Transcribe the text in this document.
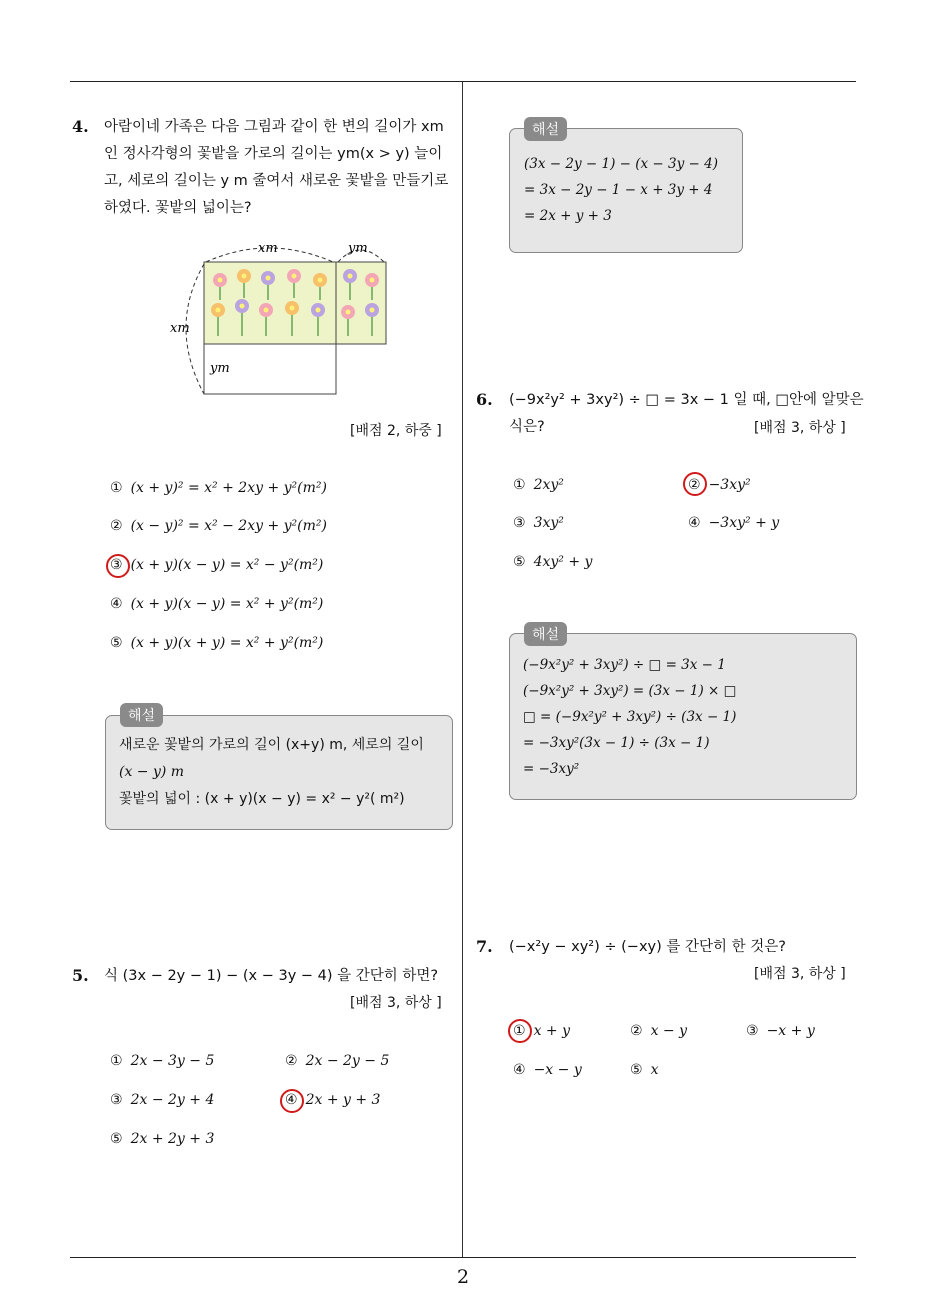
2
4. 아람이네 가족은 다음 그림과 같이 한 변의 길이가 xm
인 정사각형의 꽃밭을 가로의 길이는 ym(x > y) 늘이
고, 세로의 길이는 y m 줄여서 새로운 꽃밭을 만들기로
하였다. 꽃밭의 넓이는?
xm	ym
xm
ym
[배점 2, 하중 ]
① (x + y)² = x² + 2xy + y²(m²)
② (x − y)² = x² − 2xy + y²(m²)
③ (x + y)(x − y) = x² − y²(m²)
④ (x + y)(x − y) = x² + y²(m²)
⑤ (x + y)(x + y) = x² + y²(m²)
새로운 꽃밭의 가로의 길이 (x+y) m, 세로의 길이
(x − y) m
꽃밭의 넓이 : (x + y)(x − y) = x² − y²( m²)
해설
5. 식 (3x − 2y − 1) − (x − 3y − 4) 을 간단히 하면?
[배점 3, 하상 ]
① 2x − 3y − 5	② 2x − 2y − 5
③ 2x − 2y + 4	④ 2x + y + 3
⑤ 2x + 2y + 3
(3x − 2y − 1) − (x − 3y − 4)
= 3x − 2y − 1 − x + 3y + 4
= 2x + y + 3
해설
6. (−9x²y² + 3xy²) ÷ □ = 3x − 1 일 때, □안에 알맞은
식은?	[배점 3, 하상 ]
① 2xy²	② −3xy²
③ 3xy²	④ −3xy² + y
⑤ 4xy² + y
(−9x²y² + 3xy²) ÷ □ = 3x − 1
(−9x²y² + 3xy²) = (3x − 1) × □
□ = (−9x²y² + 3xy²) ÷ (3x − 1)
= −3xy²(3x − 1) ÷ (3x − 1)
= −3xy²
해설
7. (−x²y − xy²) ÷ (−xy) 를 간단히 한 것은?
[배점 3, 하상 ]
① x + y	② x − y	③ −x + y
④ −x − y	⑤ x
